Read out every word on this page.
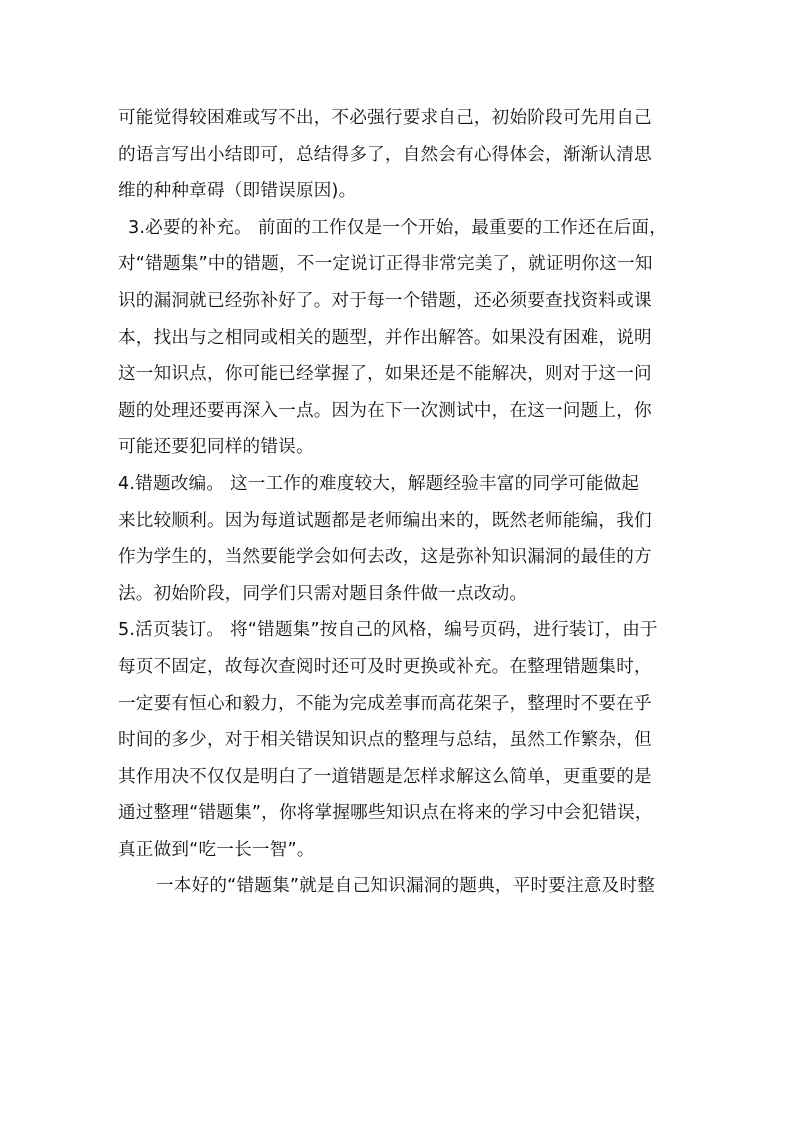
可能觉得较困难或写不出，不必强行要求自己，初始阶段可先用自己
的语言写出小结即可，总结得多了，自然会有心得体会，渐渐认清思
维的种种章碍（即错误原因)。
3.必要的补充。 前面的工作仅是一个开始，最重要的工作还在后面，
对“错题集”中的错题，不一定说订正得非常完美了，就证明你这一知
识的漏洞就已经弥补好了。对于每一个错题，还必须要查找资料或课
本，找出与之相同或相关的题型，并作出解答。如果没有困难，说明
这一知识点，你可能已经掌握了，如果还是不能解决，则对于这一问
题的处理还要再深入一点。因为在下一次测试中，在这一问题上，你
可能还要犯同样的错误。
4.错题改编。 这一工作的难度较大，解题经验丰富的同学可能做起
来比较顺利。因为每道试题都是老师编出来的，既然老师能编，我们
作为学生的，当然要能学会如何去改，这是弥补知识漏洞的最佳的方
法。初始阶段，同学们只需对题目条件做一点改动。
5.活页装订。 将“错题集”按自己的风格，编号页码，进行装订，由于
每页不固定，故每次查阅时还可及时更换或补充。在整理错题集时，
一定要有恒心和毅力，不能为完成差事而高花架子，整理时不要在乎
时间的多少，对于相关错误知识点的整理与总结，虽然工作繁杂，但
其作用决不仅仅是明白了一道错题是怎样求解这么简单，更重要的是
通过整理“错题集”，你将掌握哪些知识点在将来的学习中会犯错误，
真正做到“吃一长一智”。
一本好的“错题集”就是自己知识漏洞的题典，平时要注意及时整
